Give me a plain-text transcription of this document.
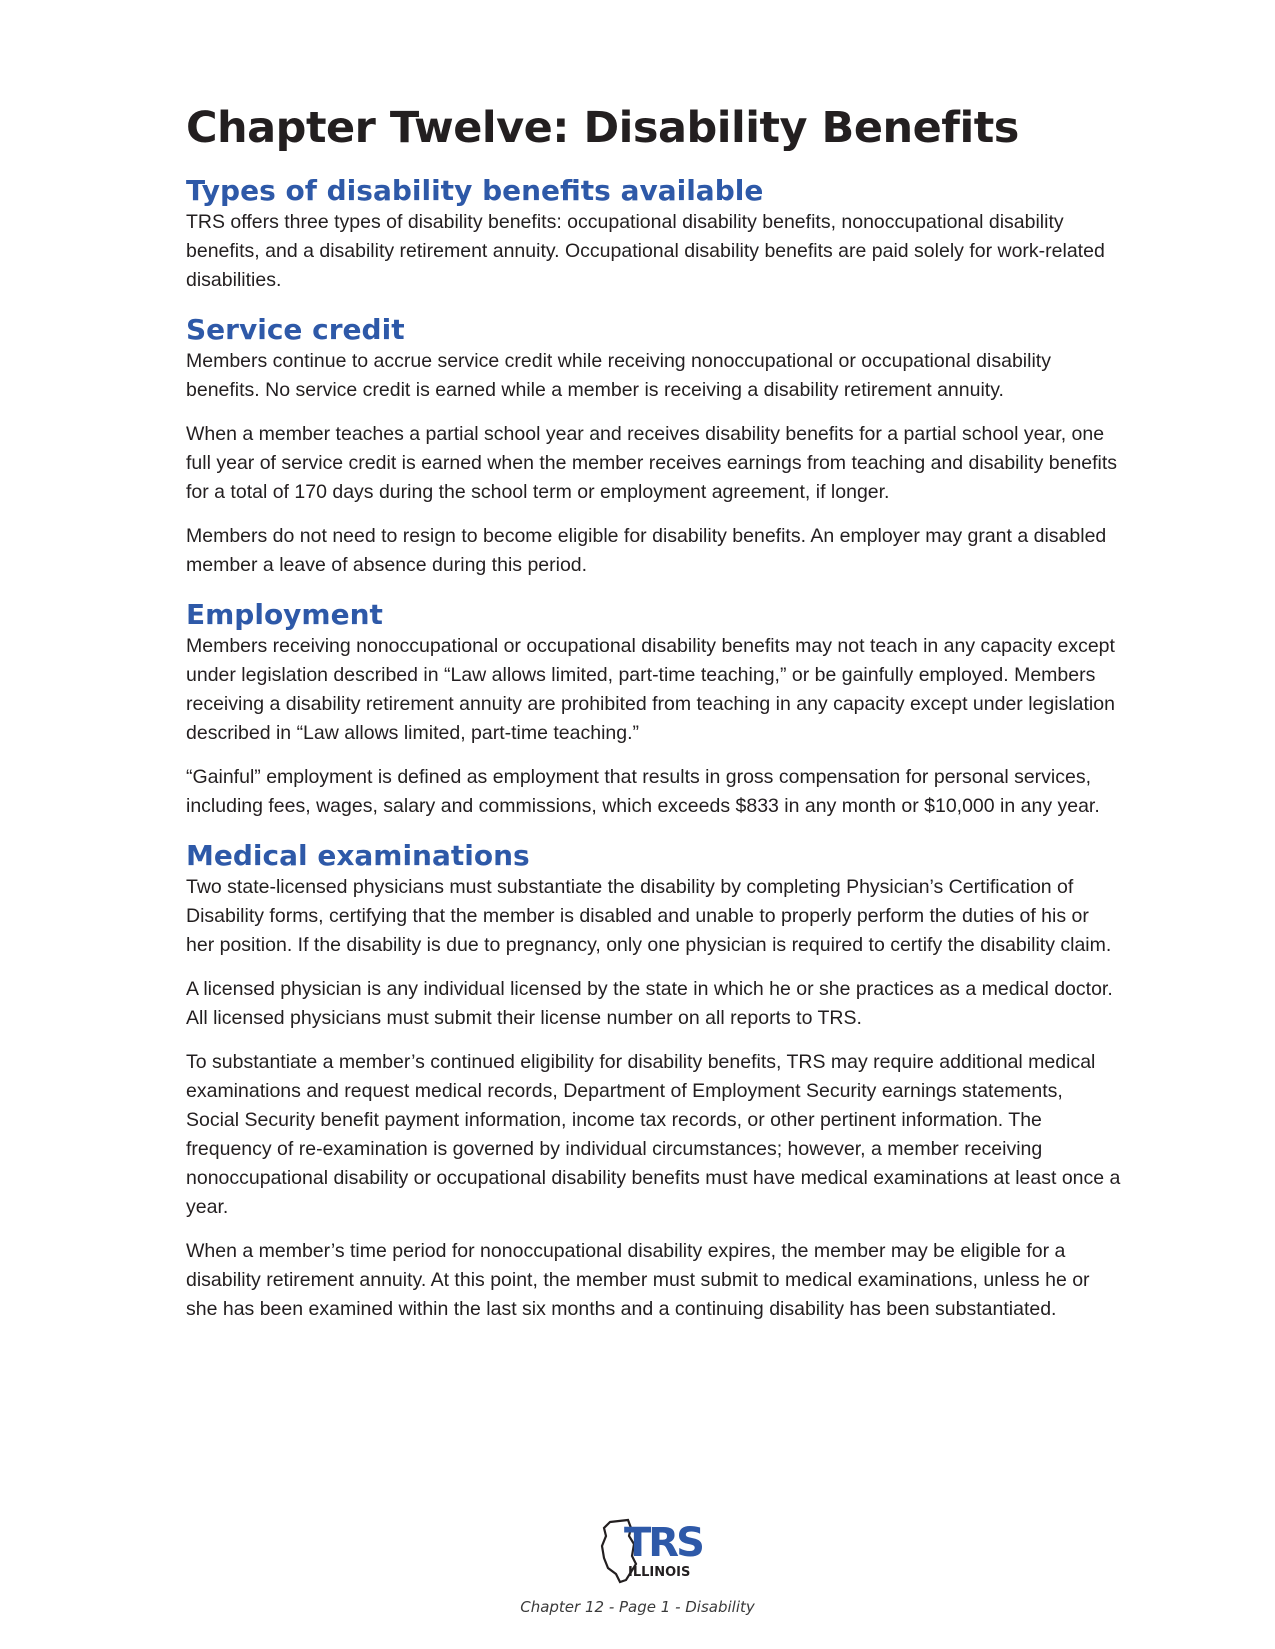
Chapter Twelve: Disability Benefits
Types of disability benefits available

TRS offers three types of disability benefits: occupational disability benefits, nonoccupational disability benefits, and a disability retirement annuity. Occupational disability benefits are paid solely for work-related disabilities.

Service credit

Members continue to accrue service credit while receiving nonoccupational or occupational disability benefits. No service credit is earned while a member is receiving a disability retirement annuity.

When a member teaches a partial school year and receives disability benefits for a partial school year, one full year of service credit is earned when the member receives earnings from teaching and disability benefits for a total of 170 days during the school term or employment agreement, if longer.

Members do not need to resign to become eligible for disability benefits. An employer may grant a disabled member a leave of absence during this period.

Employment

Members receiving nonoccupational or occupational disability benefits may not teach in any capacity except under legislation described in “Law allows limited, part-time teaching,” or be gainfully employed. Members receiving a disability retirement annuity are prohibited from teaching in any capacity except under legislation described in “Law allows limited, part-time teaching.”

“Gainful” employment is defined as employment that results in gross compensation for personal services, including fees, wages, salary and commissions, which exceeds $833 in any month or $10,000 in any year.

Medical examinations

Two state-licensed physicians must substantiate the disability by completing Physician’s Certification of Disability forms, certifying that the member is disabled and unable to properly perform the duties of his or her position. If the disability is due to pregnancy, only one physician is required to certify the disability claim.

A licensed physician is any individual licensed by the state in which he or she practices as a medical doctor. All licensed physicians must submit their license number on all reports to TRS.

To substantiate a member’s continued eligibility for disability benefits, TRS may require additional medical examinations and request medical records, Department of Employment Security earnings statements, Social Security benefit payment information, income tax records, or other pertinent information. The frequency of re-examination is governed by individual circumstances; however, a member receiving nonoccupational disability or occupational disability benefits must have medical examinations at least once a year.

When a member’s time period for nonoccupational disability expires, the member may be eligible for a disability retirement annuity. At this point, the member must submit to medical examinations, unless he or she has been examined within the last six months and a continuing disability has been substantiated.

TRS
ILLINOIS
Chapter 12 - Page 1 - Disability
